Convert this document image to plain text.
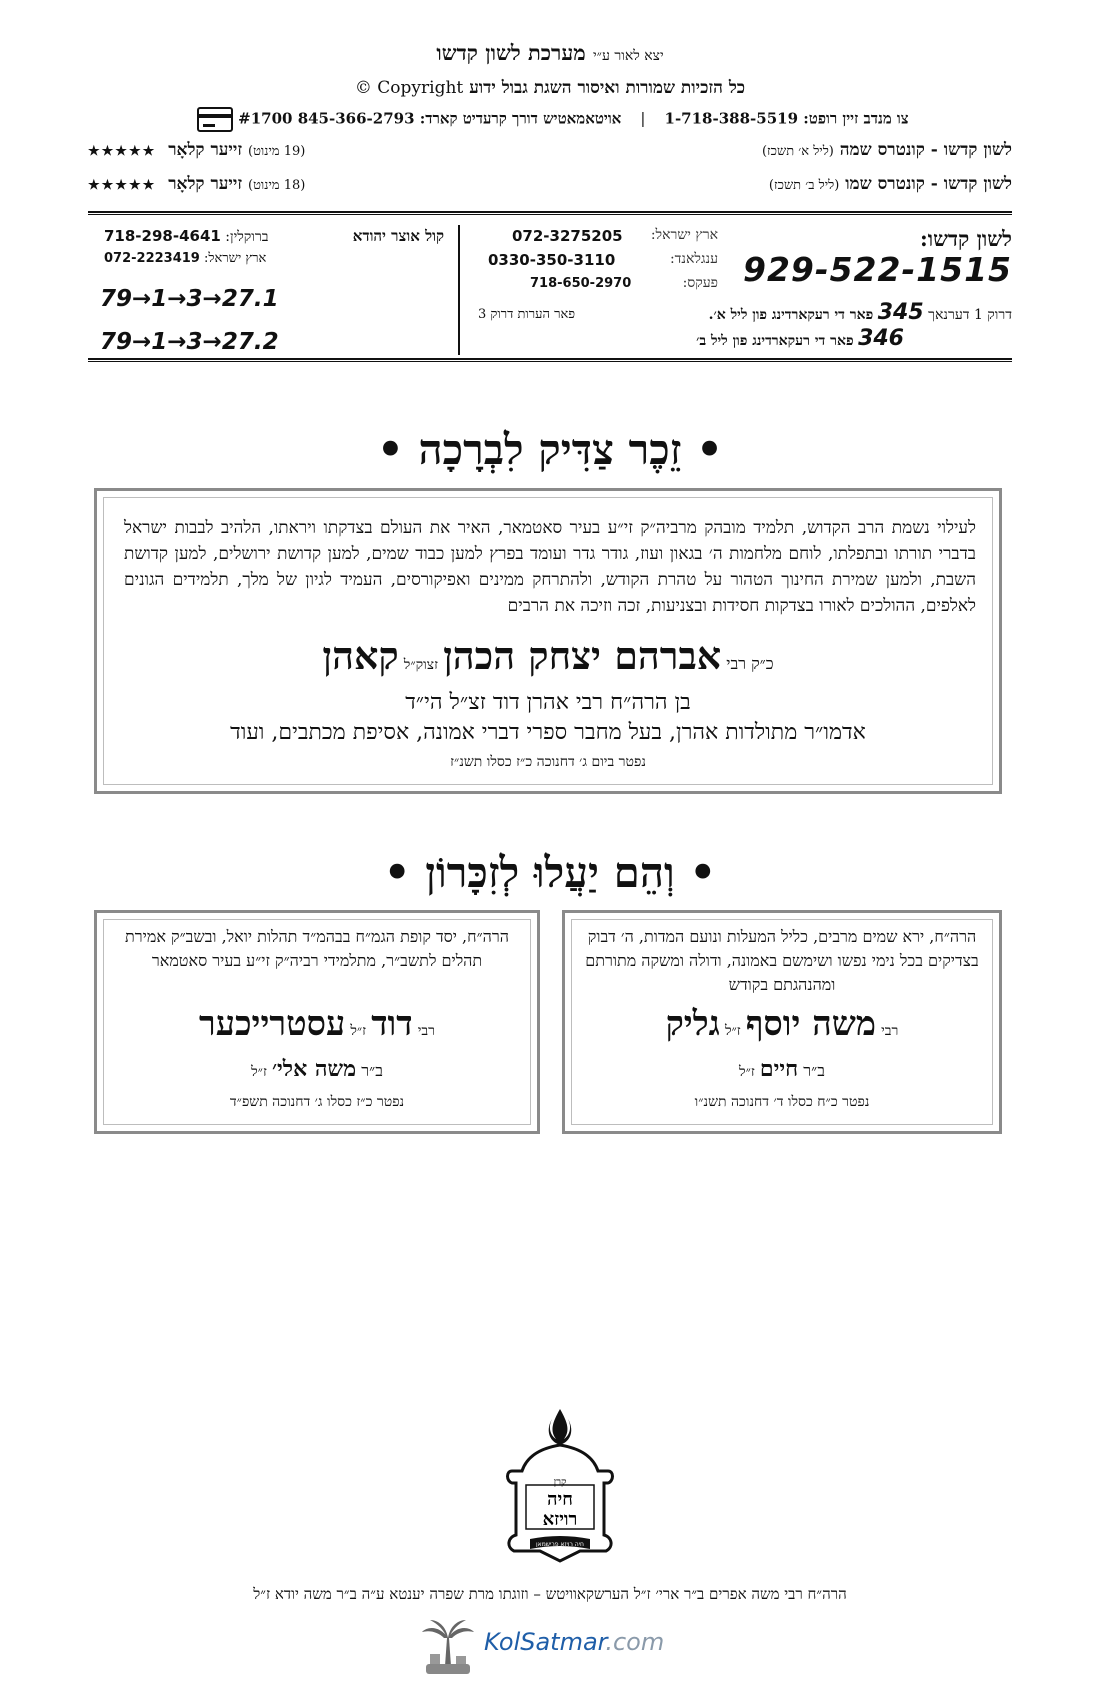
יצא לאור ע״י מערכת לשון קדשו
כל הזכיות שמורות ואיסור השגת גבול ידוע Copyright ©
צו מנדב זיין רופט: 1-718-388-5519    |    אויטאמאטיש דורך קרעדיט קארד: 845-366-2793 #1700
לשון קדשו - קונטרס שמה (ליל א׳ תשכז)
(19 מינוט) זייער קלאָר ★★★★★
לשון קדשו - קונטרס שמו (ליל ב׳ תשכז)
(18 מינוט) זייער קלאָר ★★★★★
לשון קדשו:
929-522-1515
ארץ ישראל:
072-3275205
ענגלאנד:
0330-350-3110
פעקס:
718-650-2970
דרוק 1 דערנאך 345 פאר די רעקארדינג פון ליל א׳.
פאר הערות דרוק 3
346 פאר די רעקארדינג פון ליל ב׳
קול אוצר יהודא
ברוקלין: 718-298-4641
ארץ ישראל: 072-2223419
79→1→3→27.1
79→1→3→27.2
• זֵכֶר צַדִּיק לִבְרָכָה •
לעילוי נשמת הרב הקדוש, תלמיד מובהק מרביה״ק זי״ע בעיר סאטמאר, האיר את העולם בצדקתו ויראתו, הלהיב לבבות ישראל בדברי תורתו ובתפלתו, לוחם מלחמות ה׳ בגאון ועוז, גודר גדר ועומד בפרץ למען כבוד שמים, למען קדושת ירושלים, למען קדושת השבת, ולמען שמירת החינוך הטהור על טהרת הקודש, ולהתרחק ממינים ואפיקורסים, העמיד לגיון של מלך, תלמידים הגונים לאלפים, ההולכים לאורו בצדקות חסידות ובצניעות, זכה וזיכה את הרבים
כ״ק רבי אברהם יצחק הכהן זצוק״ל קאהן
בן הרה״ח רבי אהרן דוד זצ״ל הי״ד
אדמו״ר מתולדות אהרן, בעל מחבר ספרי דברי אמונה, אסיפת מכתבים, ועוד
נפטר ביום ג׳ דחנוכה כ״ז כסלו תשנ״ז
• וְהֵם יַעֲלוּ לְזִכָּרוֹן •
הרה״ח, ירא שמים מרבים, כליל המעלות ונועם המדות, ה׳ דבוק בצדיקים בכל נימי נפשו ושימשם באמונה, ודולה ומשקה מתורתם ומהנהגתם בקודש
רבי משה יוסף ז״ל גליק
ב״ר חיים ז״ל
נפטר כ״ח כסלו ד׳ דחנוכה תשנ״ו
הרה״ח, יסד קופת הגמ״ח בבהמ״ד תהלות יואל, ובשב״ק אמירת תהלים לתשב״ר, מתלמידי רביה״ק זי״ע בעיר סאטמאר
רבי דוד ז״ל עסטרייכער
ב״ר משה אלי׳ ז״ל
נפטר כ״ז כסלו ג׳ דחנוכה תשפ״ד
קרן
חיה
רויזא
חיה רויזא פרישמאן
הרה״ח רבי משה אפרים ב״ר ארי׳ ז״ל הערשקאוויטש – וזוגתו מרת שפרה יענטא ע״ה ב״ר משה יודא ז״ל
KolSatmar.com
